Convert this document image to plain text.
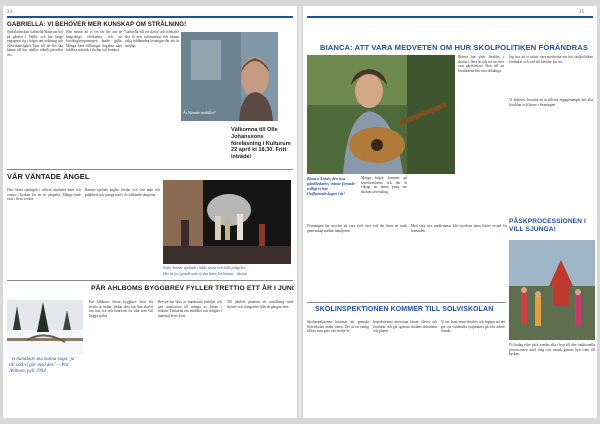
24
GABRIELLA: VI BEHÖVER MER KUNSKAP OM STRÅLNING!
Sjuksköterskan Gabriella Mattsson bor på gården i Vallby och har länge engagerat sig i frågor om strålning och elöverkänslighet. Hon vill att fler ska känna till hur trådlös teknik påverkar oss.
Hon menar att vi vet för lite om de långsiktiga effekterna och att försiktighetsprincipen borde gälla. Många barn tillbringar dagarna nära trådlösa nätverk i skolan och hemma.
Gabriella vill att skolor och förskolor ska få mer information och kunna välja trådbundna lösningar där det är möjligt.
Är Bonnie mobilfri?
Välkomna till Olle Johanssons föreläsning i Kulturum 22 april kl 18.30. Fritt inträde!
VÅR VÄNTADE ÄNGEL
Den första söndagen i advent samlades barn och vuxna i kyrkan för att se julspelet. Många hade övat i flera veckor.
Barnen spelade änglar, herdar och vise män och publiken fick sjunga med i de välkända sångerna.
Sofie Jenner spelade i både stora och lilla julspelet.
Det är ju i grund som ni ska bara för känna... skolar.
PÅR AHLBOMS BYGGBREV FYLLER TRETTIO ETT ÅR I JUNI
"Vi handlade ska kunna säga "ja" till vad vi gör med det." – Pär Ahlbom, pyli 1994
Pär Ahlboms första byggbrev kom för trettio år sedan. Sedan dess har han skrivit om hus, trä och hantverk för alla som vill bygga själva.
Breven har lästs av hundratals familjer och gett inspiration till många av husen i trakten. Tankarna om enkelhet och ärlighet i material lever kvar.
Till jubileet planeras en utställning med skisser och fotografier från de gångna åren.
25
BIANCA: ATT VARA MEDVETEN OM HUR SKOLPOLITIKEN FÖRÄNDRAS
Bianca har varit förälder i skolan i flera år och tar nu över som gårdsledare. Hon vill att föräldrarna ska vara delaktiga.
Jag tror att vi måste vara medvetna om hur skolpolitiken förändras och vad det betyder för oss.
Vi behöver fortsätta att ta tillvara engagemanget hos alla föräldrar och lärare i föreningen.
Bianca Åhnér, den nya gårdsledaren, trättar förande tydligt vi har. Ordförandeskapet i år!
Många frågor kommer på styrelsemötena och det är viktigt att hinna prata om skolans utveckling.
Föreningen har mycket att vara stolt över och det finns en stark gemenskap mellan familjerna.
Med våra nya medlemmar blir styrelsen ännu bättre rustad för framtiden.
PÅSKPROCESSIONEN I VILL SJUNGA!
På lördag efter påsk samlas alla i byn till den traditionella processionen med sång och musik genom byn fram till kyrkan.
SKOLINSPEKTIONEN KOMMER TILL SOLVISKOLAN
Skolinspektionen kommer att granska Solviskolan under våren. Det är en vanlig tillsyn som görs vart tredje år.
Inspektörerna intervjuar lärare, elever och föräldrar och går igenom skolans dokument och planer.
Vi ser fram emot besöket och hoppas att det ger oss värdefulla synpunkter på vårt arbete framåt.
